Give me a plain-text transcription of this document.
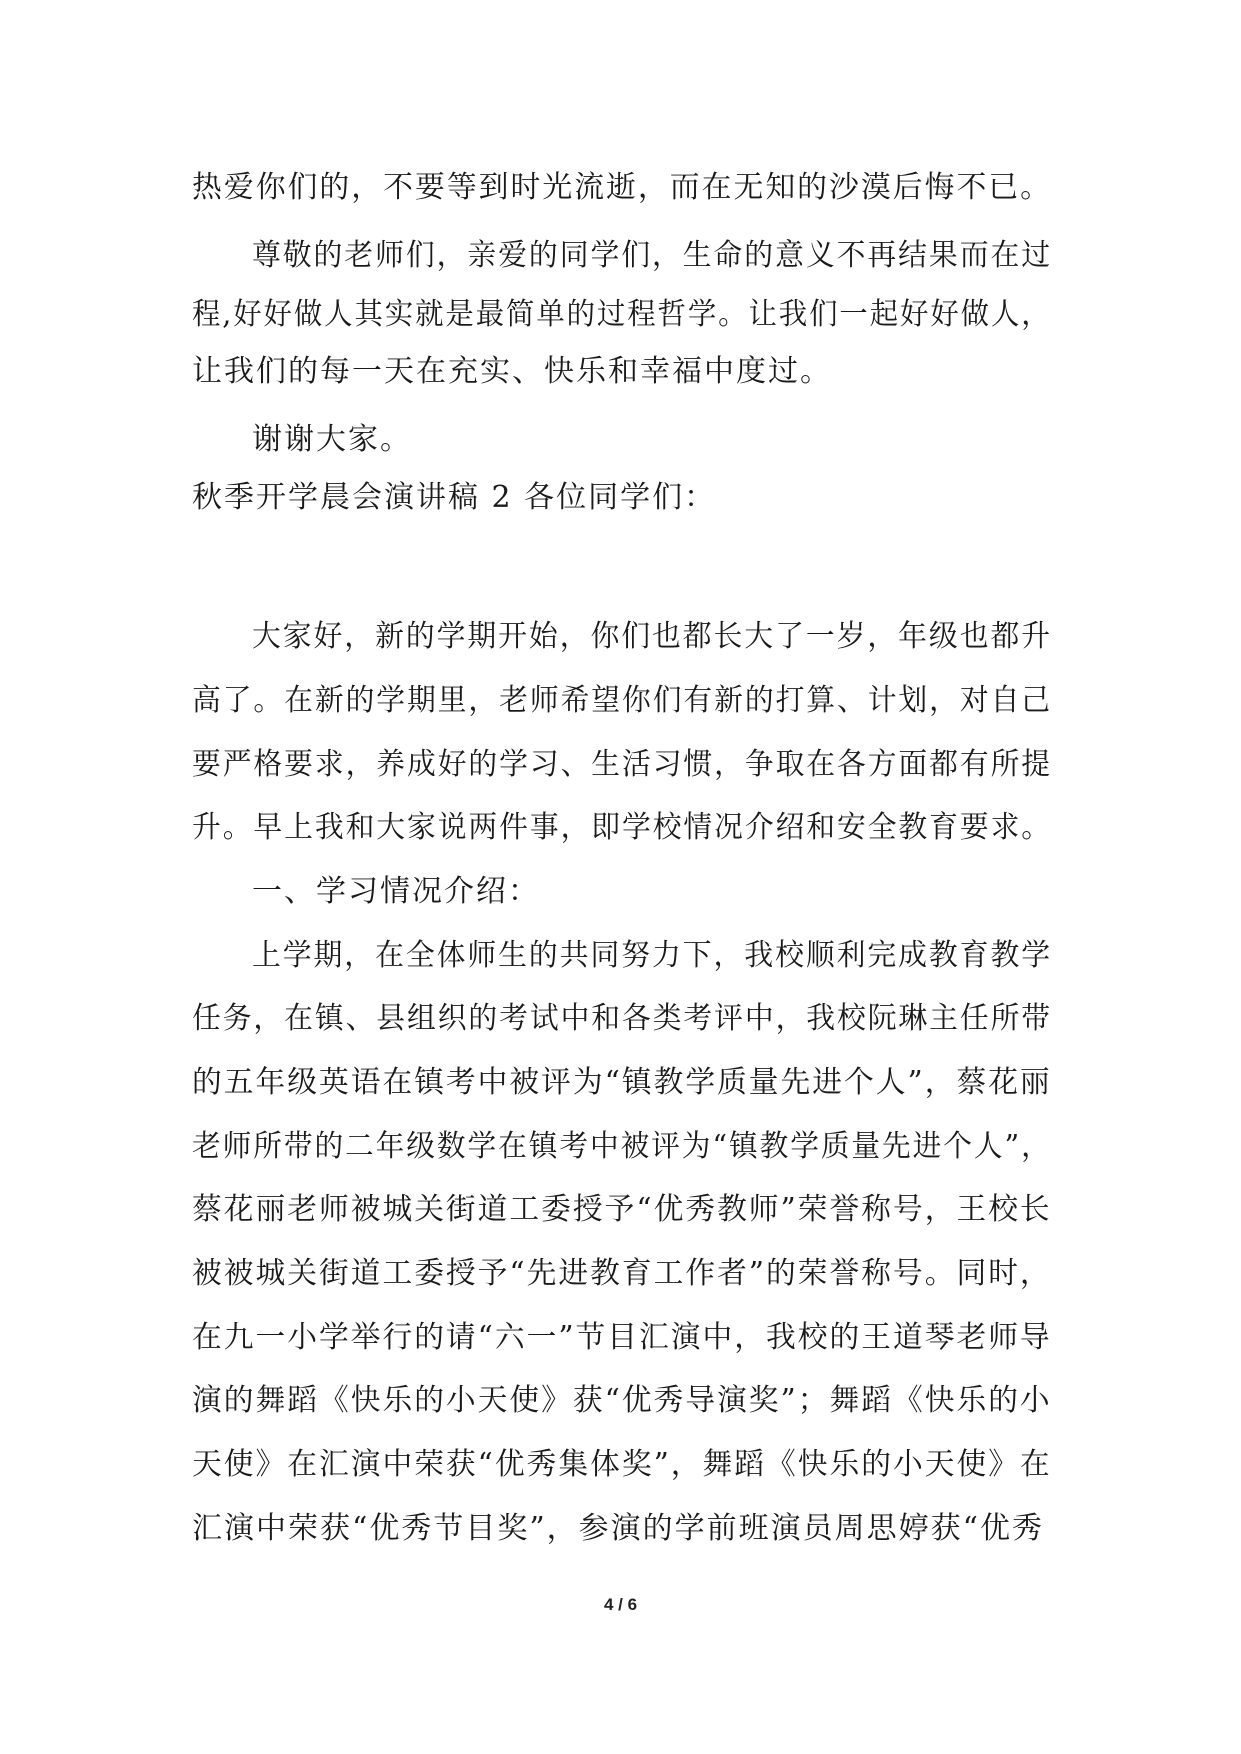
热爱你们的，不要等到时光流逝，而在无知的沙漠后悔不已。
尊敬的老师们，亲爱的同学们，生命的意义不再结果而在过
程,好好做人其实就是最简单的过程哲学。让我们一起好好做人，
让我们的每一天在充实、快乐和幸福中度过。
谢谢大家。
秋季开学晨会演讲稿 2 各位同学们：
大家好，新的学期开始，你们也都长大了一岁，年级也都升
高了。在新的学期里，老师希望你们有新的打算、计划，对自己
要严格要求，养成好的学习、生活习惯，争取在各方面都有所提
升。早上我和大家说两件事，即学校情况介绍和安全教育要求。
一、学习情况介绍：
上学期，在全体师生的共同努力下，我校顺利完成教育教学
任务，在镇、县组织的考试中和各类考评中，我校阮琳主任所带
的五年级英语在镇考中被评为“镇教学质量先进个人”，蔡花丽
老师所带的二年级数学在镇考中被评为“镇教学质量先进个人”，
蔡花丽老师被城关街道工委授予“优秀教师”荣誉称号，王校长
被被城关街道工委授予“先进教育工作者”的荣誉称号。同时，
在九一小学举行的请“六一”节目汇演中，我校的王道琴老师导
演的舞蹈《快乐的小天使》获“优秀导演奖”；舞蹈《快乐的小
天使》在汇演中荣获“优秀集体奖”，舞蹈《快乐的小天使》在
汇演中荣获“优秀节目奖”，参演的学前班演员周思婷获“优秀
4 / 6
